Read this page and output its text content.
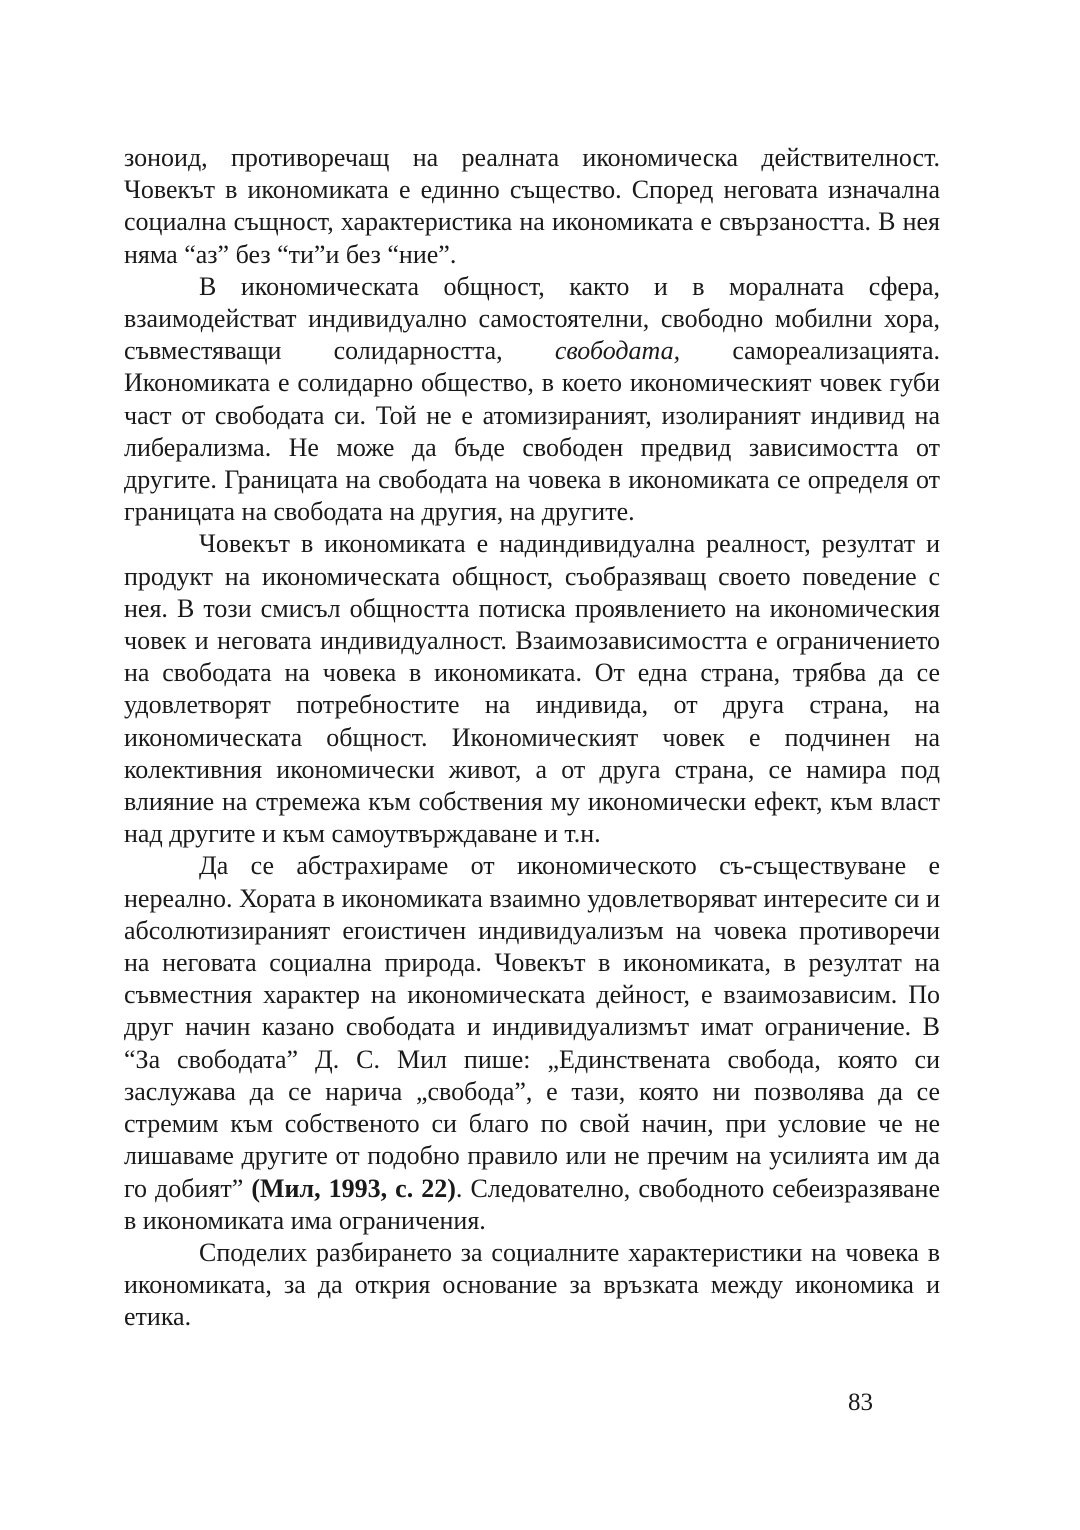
зоноид, противоречащ на реалната икономическа действителност. Човекът в икономиката е единно същество. Според неговата изначална социална същност, характеристика на икономиката е свързаността. В нея няма “аз” без “ти”и без “ние”.

В икономическата общност, както и в моралната сфера, взаимодействат индивидуално самостоятелни, свободно мобилни хора, съвместяващи солидарността, свободата, самореализацията. Икономиката е солидарно общество, в което икономическият човек губи част от свободата си. Той не е атомизираният, изолираният индивид на либерализма. Не може да бъде свободен предвид зависимостта от другите. Границата на свободата на човека в икономиката се определя от границата на свободата на другия, на другите.

Човекът в икономиката е надиндивидуална реалност, резултат и продукт на икономическата общност, съобразяващ своето поведение с нея. В този смисъл общността потиска проявлението на икономическия човек и неговата индивидуалност. Взаимозависимостта е ограничението на свободата на човека в икономиката. От една страна, трябва да се удовлетворят потребностите на индивида, от друга страна, на икономическата общност. Икономическият човек е подчинен на колективния икономически живот, а от друга страна, се намира под влияние на стремежа към собствения му икономически ефект, към власт над другите и към самоутвърждаване и т.н.

Да се абстрахираме от икономическото съ-съществуване е нереално. Хората в икономиката взаимно удовлетворяват интересите си и абсолютизираният егоистичен индивидуализъм на човека противоречи на неговата социална природа. Човекът в икономиката, в резултат на съвместния характер на икономическата дейност, е взаимозависим. По друг начин казано свободата и индивидуализмът имат ограничение. В “За свободата” Д. С. Мил пише: „Единствената свобода, която си заслужава да се нарича „свобода”, е тази, която ни позволява да се стремим към собственото си благо по свой начин, при условие че не лишаваме другите от подобно правило или не пречим на усилията им да го добият” (Мил, 1993, с. 22). Следователно, свободното себеизразяване в икономиката има ограничения.

Споделих разбирането за социалните характеристики на човека в икономиката, за да открия основание за връзката между икономика и етика.

83
